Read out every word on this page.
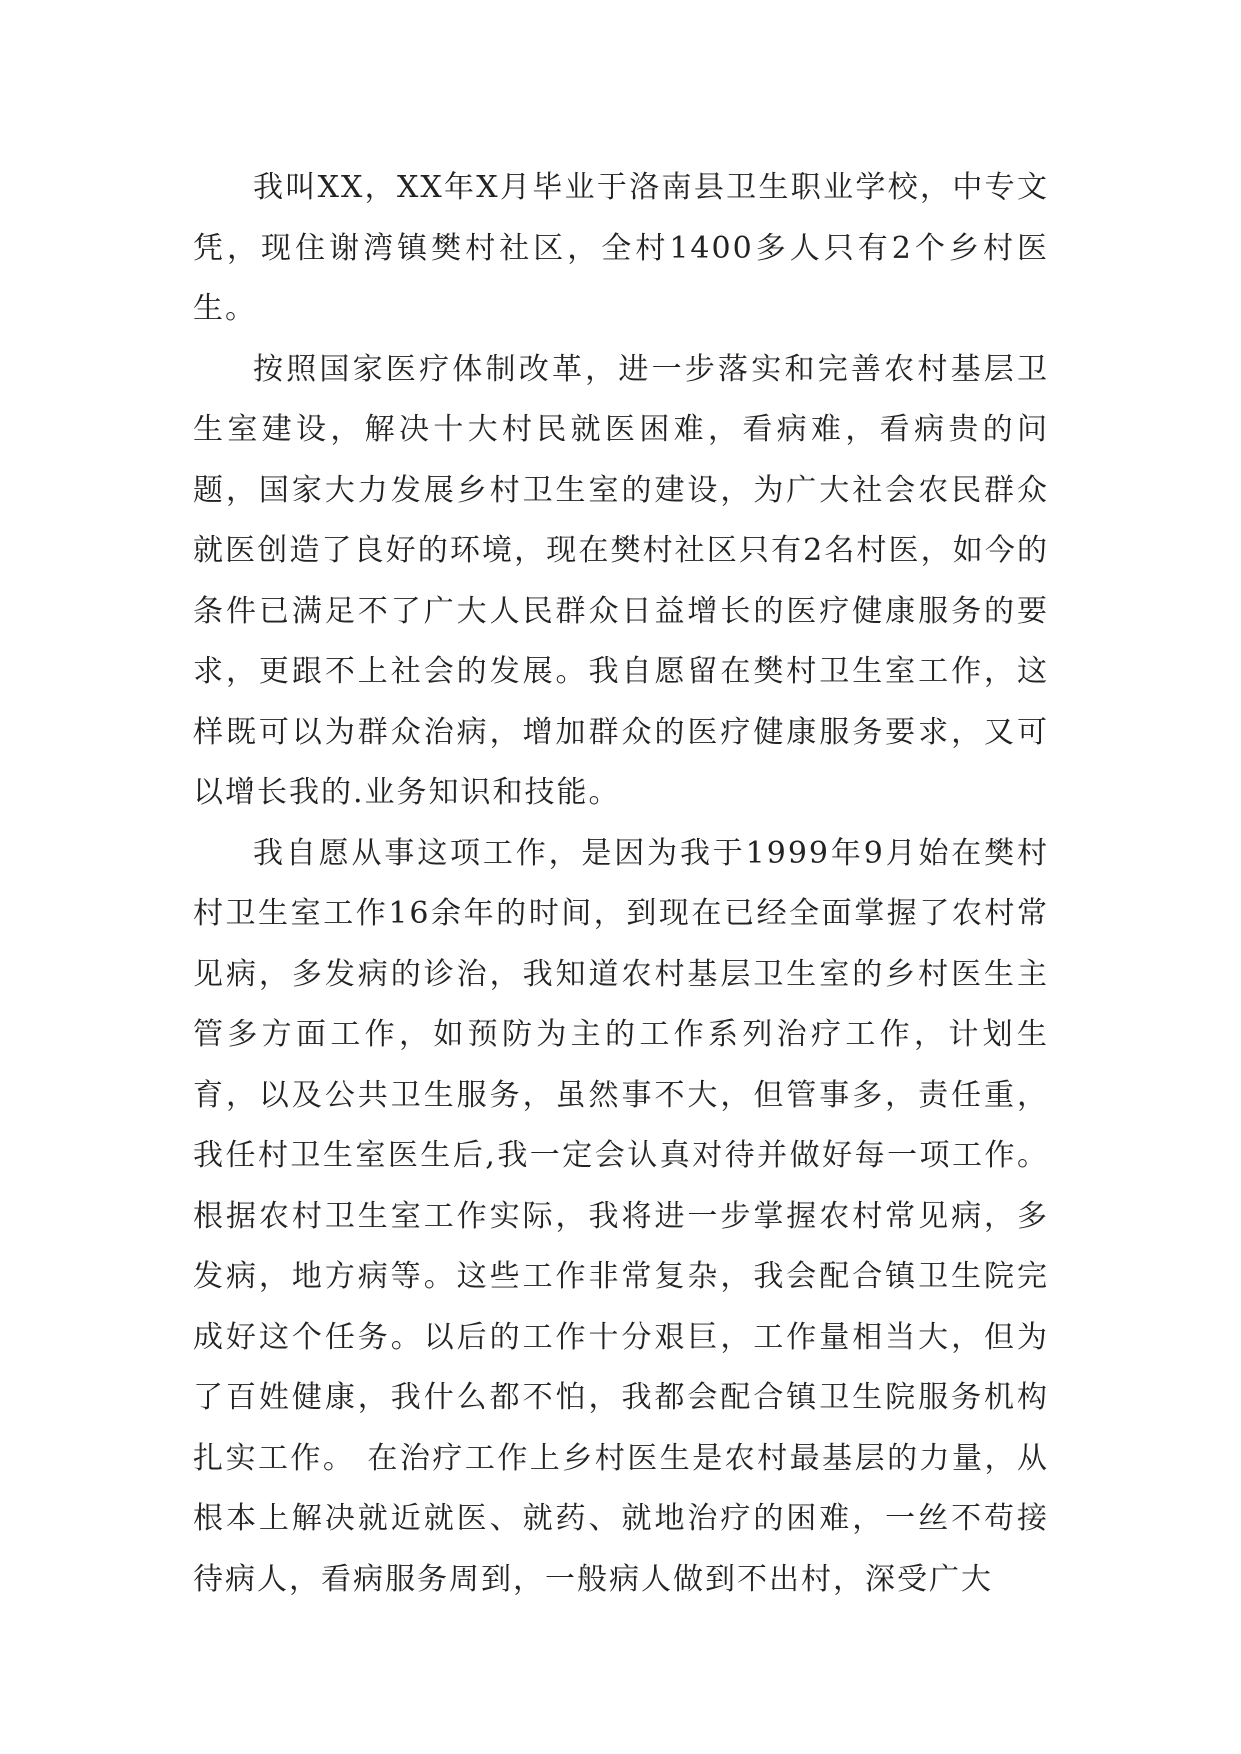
我叫XX，XX年X月毕业于洛南县卫生职业学校，中专文凭，现住谢湾镇樊村社区，全村1400多人只有2个乡村医生。

按照国家医疗体制改革，进一步落实和完善农村基层卫生室建设，解决十大村民就医困难，看病难，看病贵的问题，国家大力发展乡村卫生室的建设，为广大社会农民群众就医创造了良好的环境，现在樊村社区只有2名村医，如今的条件已满足不了广大人民群众日益增长的医疗健康服务的要求，更跟不上社会的发展。我自愿留在樊村卫生室工作，这样既可以为群众治病，增加群众的医疗健康服务要求，又可以增长我的.业务知识和技能。

我自愿从事这项工作，是因为我于1999年9月始在樊村村卫生室工作16余年的时间，到现在已经全面掌握了农村常见病，多发病的诊治，我知道农村基层卫生室的乡村医生主管多方面工作，如预防为主的工作系列治疗工作，计划生育，以及公共卫生服务，虽然事不大，但管事多，责任重，我任村卫生室医生后,我一定会认真对待并做好每一项工作。根据农村卫生室工作实际，我将进一步掌握农村常见病，多发病，地方病等。这些工作非常复杂，我会配合镇卫生院完成好这个任务。以后的工作十分艰巨，工作量相当大，但为了百姓健康，我什么都不怕，我都会配合镇卫生院服务机构扎实工作。 在治疗工作上乡村医生是农村最基层的力量，从根本上解决就近就医、就药、就地治疗的困难，一丝不苟接待病人，看病服务周到，一般病人做到不出村，深受广大
